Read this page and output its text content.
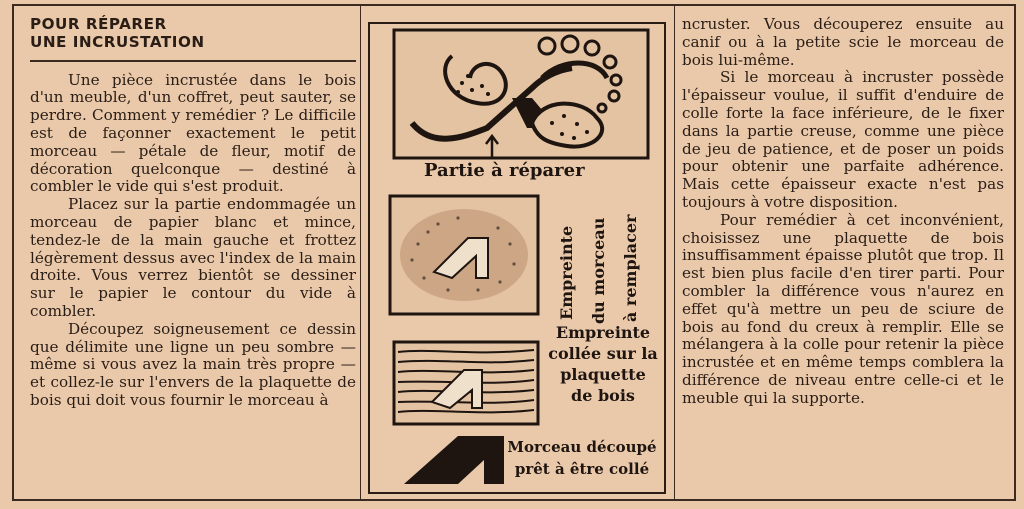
POUR RÉPARER

UNE INCRUSTATION

Une pièce incrustée dans le bois d'un meuble, d'un coffret, peut sauter, se perdre. Comment y remédier ? Le difficile est de façonner exactement le petit morceau — pétale de fleur, motif de décoration quelconque — destiné à combler le vide qui s'est produit.

Placez sur la partie endommagée un morceau de papier blanc et mince, tendez-le de la main gauche et frottez légèrement dessus avec l'index de la main droite. Vous verrez bientôt se dessiner sur le papier le contour du vide à combler.

Découpez soigneusement ce dessin que délimite une ligne un peu sombre — même si vous avez la main très propre — et collez-le sur l'envers de la plaquette de bois qui doit vous fournir le morceau à

Partie à réparer

Empreinte du morceau à remplacer

Empreinte

collée sur la

plaquette

de bois

Morceau découpé

prêt à être collé

ncruster. Vous découperez ensuite au canif ou à la petite scie le morceau de bois lui-même.

Si le morceau à incruster possède l'épaisseur voulue, il suffit d'enduire de colle forte la face inférieure, de le fixer dans la partie creuse, comme une pièce de jeu de patience, et de poser un poids pour obtenir une parfaite adhérence. Mais cette épaisseur exacte n'est pas toujours à votre disposition.

Pour remédier à cet inconvénient, choisissez une plaquette de bois insuffisamment épaisse plutôt que trop. Il est bien plus facile d'en tirer parti. Pour combler la différence vous n'aurez en effet qu'à mettre un peu de sciure de bois au fond du creux à remplir. Elle se mélangera à la colle pour retenir la pièce incrustée et en même temps comblera la différence de niveau entre celle-ci et le meuble qui la supporte.
